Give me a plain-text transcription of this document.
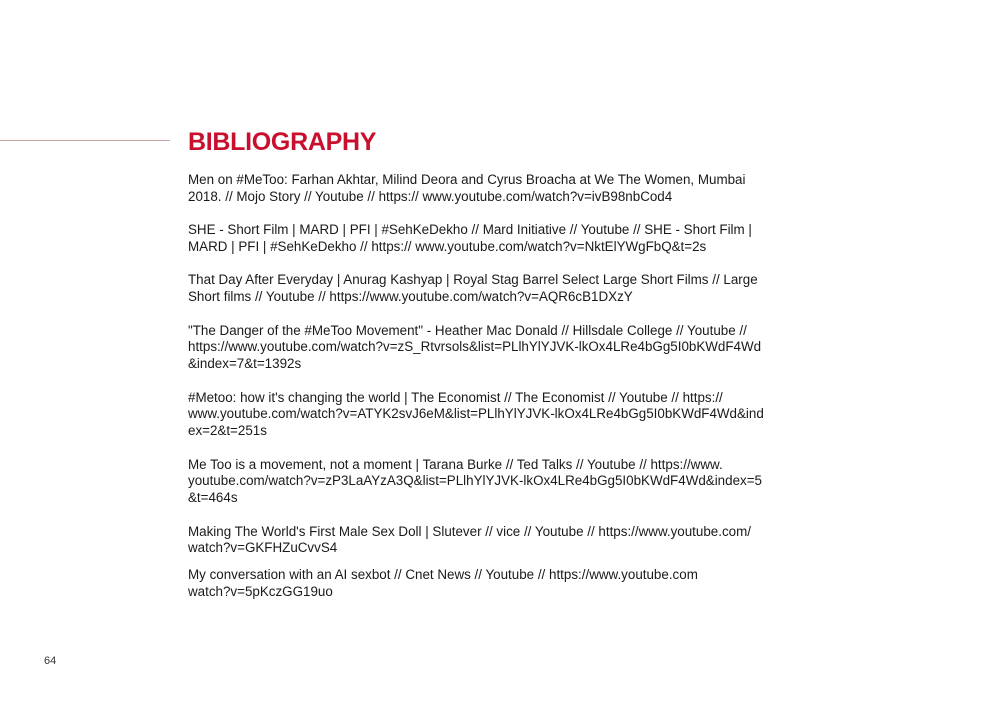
BIBLIOGRAPHY

Men on #MeToo: Farhan Akhtar, Milind Deora and Cyrus Broacha at We The Women, Mumbai

2018. // Mojo Story // Youtube // https:// www.youtube.com/watch?v=ivB98nbCod4

SHE - Short Film | MARD | PFI | #SehKeDekho // Mard Initiative // Youtube // SHE - Short Film |

MARD | PFI | #SehKeDekho // https:// www.youtube.com/watch?v=NktElYWgFbQ&t=2s

That Day After Everyday | Anurag Kashyap | Royal Stag Barrel Select Large Short Films // Large

Short films // Youtube // https://www.youtube.com/watch?v=AQR6cB1DXzY

"The Danger of the #MeToo Movement" - Heather Mac Donald // Hillsdale College // Youtube //

https://www.youtube.com/watch?v=zS_Rtvrsols&list=PLlhYlYJVK-lkOx4LRe4bGg5I0bKWdF4Wd

&index=7&t=1392s

#Metoo: how it's changing the world | The Economist // The Economist // Youtube // https://

www.youtube.com/watch?v=ATYK2svJ6eM&list=PLlhYlYJVK-lkOx4LRe4bGg5I0bKWdF4Wd&ind

ex=2&t=251s

Me Too is a movement, not a moment | Tarana Burke // Ted Talks // Youtube // https://www.

youtube.com/watch?v=zP3LaAYzA3Q&list=PLlhYlYJVK-lkOx4LRe4bGg5I0bKWdF4Wd&index=5

&t=464s

Making The World's First Male Sex Doll | Slutever // vice // Youtube // https://www.youtube.com/

watch?v=GKFHZuCvvS4

My conversation with an AI sexbot // Cnet News // Youtube // https://www.youtube.com

watch?v=5pKczGG19uo

64
